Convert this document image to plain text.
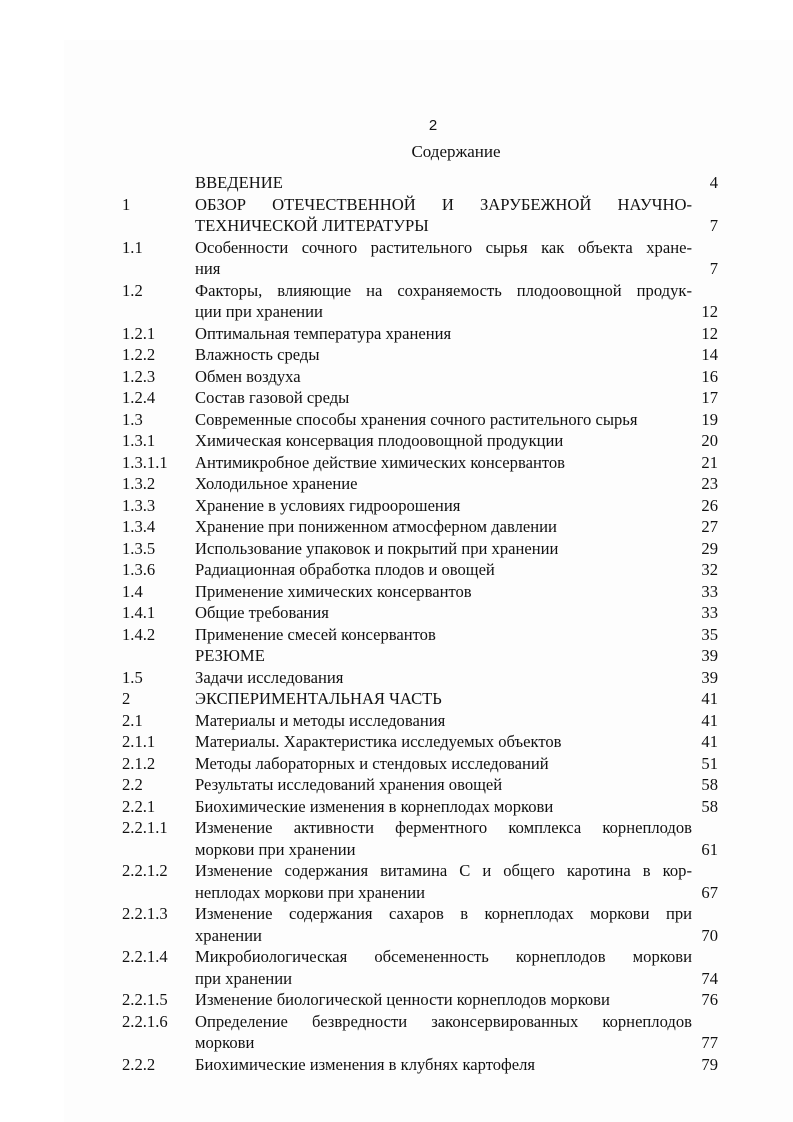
2
Содержание
ВВЕДЕНИЕ	4
1	ОБЗОР ОТЕЧЕСТВЕННОЙ И ЗАРУБЕЖНОЙ НАУЧНО-
ТЕХНИЧЕСКОЙ ЛИТЕРАТУРЫ	7
1.1	Особенности сочного растительного сырья как объекта хране-
ния	7
1.2	Факторы, влияющие на сохраняемость плодоовощной продук-
ции при хранении	12
1.2.1	Оптимальная температура хранения	12
1.2.2	Влажность среды	14
1.2.3	Обмен воздуха	16
1.2.4	Состав газовой среды	17
1.3	Современные способы хранения сочного растительного сырья	19
1.3.1	Химическая консервация плодоовощной продукции	20
1.3.1.1	Антимикробное действие химических консервантов	21
1.3.2	Холодильное хранение	23
1.3.3	Хранение в условиях гидроорошения	26
1.3.4	Хранение при пониженном атмосферном давлении	27
1.3.5	Использование упаковок и покрытий при хранении	29
1.3.6	Радиационная обработка плодов и овощей	32
1.4	Применение химических консервантов	33
1.4.1	Общие требования	33
1.4.2	Применение смесей консервантов	35
РЕЗЮМЕ	39
1.5	Задачи исследования	39
2	ЭКСПЕРИМЕНТАЛЬНАЯ ЧАСТЬ	41
2.1	Материалы и методы исследования	41
2.1.1	Материалы. Характеристика исследуемых объектов	41
2.1.2	Методы лабораторных и стендовых исследований	51
2.2	Результаты исследований хранения овощей	58
2.2.1	Биохимические изменения в корнеплодах моркови	58
2.2.1.1	Изменение активности ферментного комплекса корнеплодов
моркови при хранении	61
2.2.1.2	Изменение содержания витамина С и общего каротина в кор-
неплодах моркови при хранении	67
2.2.1.3	Изменение содержания сахаров в корнеплодах моркови при
хранении	70
2.2.1.4	Микробиологическая обсемененность корнеплодов моркови
при хранении	74
2.2.1.5	Изменение биологической ценности корнеплодов моркови	76
2.2.1.6	Определение безвредности законсервированных корнеплодов
моркови	77
2.2.2	Биохимические изменения в клубнях картофеля	79
